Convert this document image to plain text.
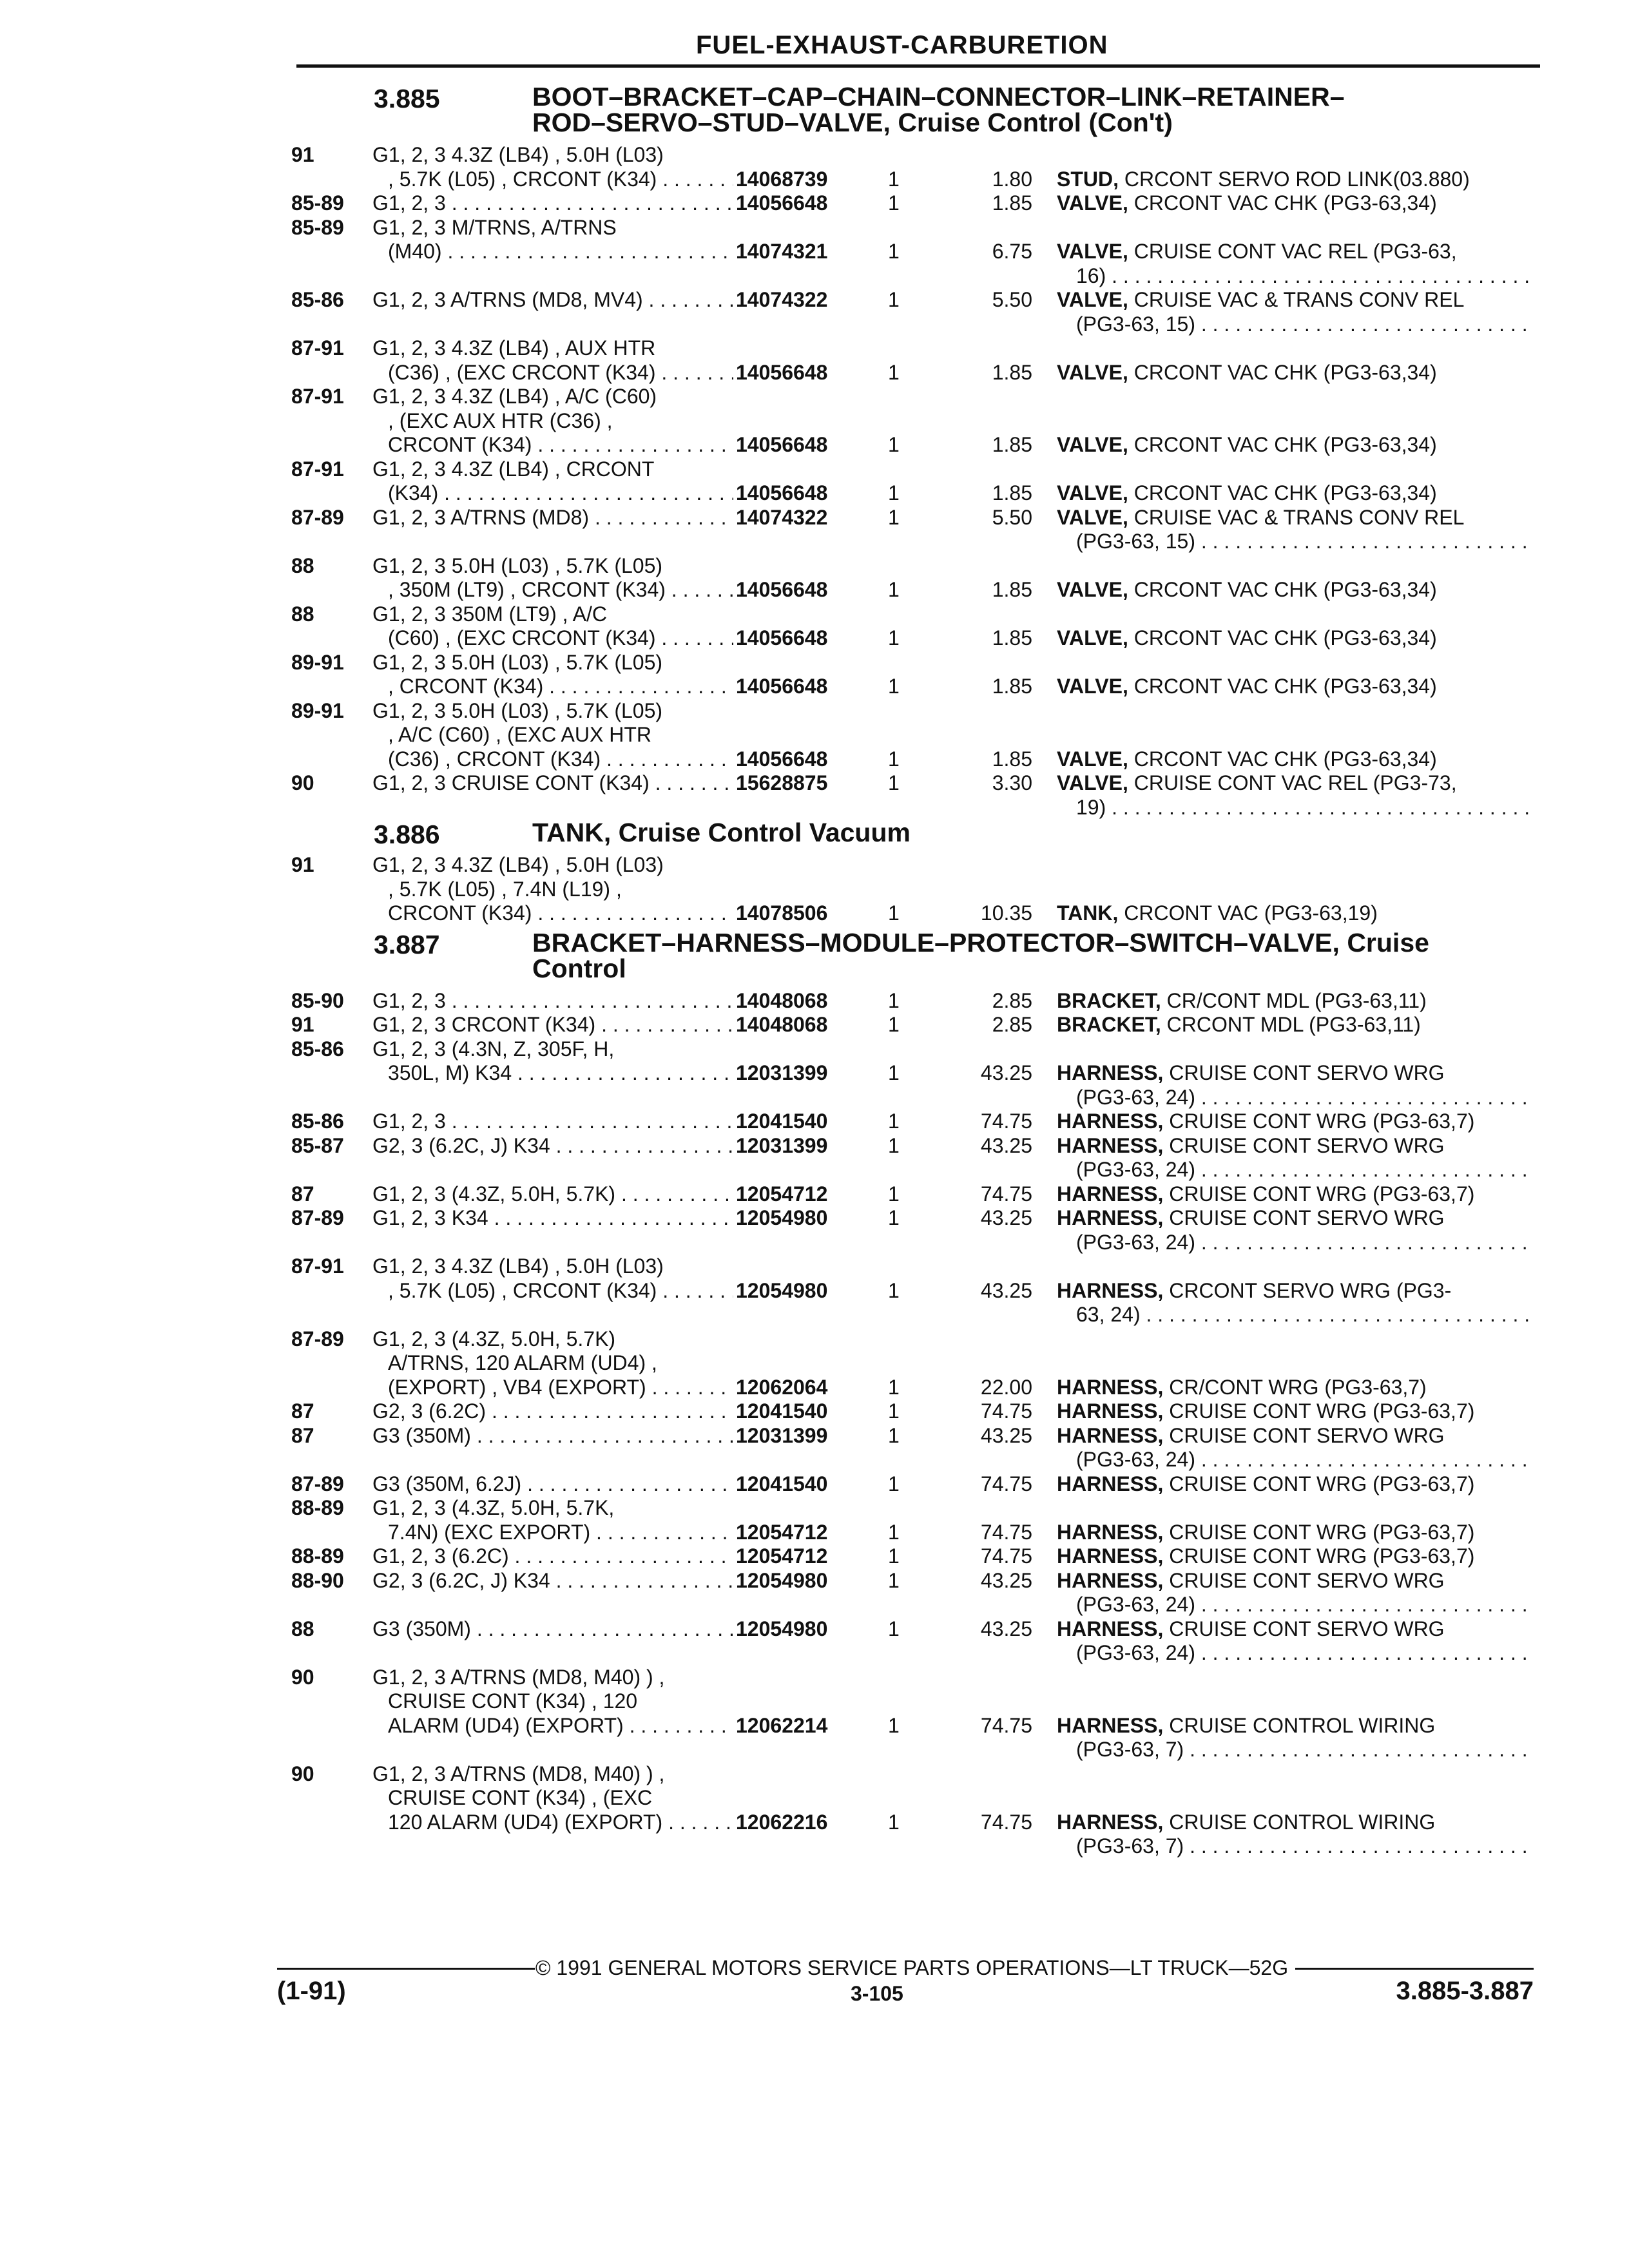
FUEL-EXHAUST-CARBURETION
3.885	BOOT–BRACKET–CAP–CHAIN–CONNECTOR–LINK–RETAINER–
ROD–SERVO–STUD–VALVE, Cruise Control (Con't)
91	G1, 2, 3 4.3Z (LB4) , 5.0H (L03)
, 5.7K (L05) , CRCONT (K34) . . .	14068739	1	1.80 STUD, CRCONT SERVO ROD LINK(03.880)
85-89 G1, 2, 3 . . .	14056648	1	1.85 VALVE, CRCONT VAC CHK (PG3-63,34)
85-89 G1, 2, 3 M/TRNS, A/TRNS
(M40) . . .	14074321	1	6.75 VALVE, CRUISE CONT VAC REL (PG3-63,
16) . . .
85-86 G1, 2, 3 A/TRNS (MD8, MV4) . . .	14074322	1	5.50 VALVE, CRUISE VAC & TRANS CONV REL
(PG3-63, 15) . . .
87-91 G1, 2, 3 4.3Z (LB4) , AUX HTR
(C36) , (EXC CRCONT (K34) . . .	14056648	1	1.85 VALVE, CRCONT VAC CHK (PG3-63,34)
87-91 G1, 2, 3 4.3Z (LB4) , A/C (C60)
, (EXC AUX HTR (C36) ,
CRCONT (K34) . . .	14056648	1	1.85 VALVE, CRCONT VAC CHK (PG3-63,34)
87-91 G1, 2, 3 4.3Z (LB4) , CRCONT
(K34) . . .	14056648	1	1.85 VALVE, CRCONT VAC CHK (PG3-63,34)
87-89 G1, 2, 3 A/TRNS (MD8) . . .	14074322	1	5.50 VALVE, CRUISE VAC & TRANS CONV REL
(PG3-63, 15) . . .
88	G1, 2, 3 5.0H (L03) , 5.7K (L05)
, 350M (LT9) , CRCONT (K34) . . .	14056648	1	1.85 VALVE, CRCONT VAC CHK (PG3-63,34)
88	G1, 2, 3 350M (LT9) , A/C
(C60) , (EXC CRCONT (K34) . . .	14056648	1	1.85 VALVE, CRCONT VAC CHK (PG3-63,34)
89-91 G1, 2, 3 5.0H (L03) , 5.7K (L05)
, CRCONT (K34) . . .	14056648	1	1.85 VALVE, CRCONT VAC CHK (PG3-63,34)
89-91 G1, 2, 3 5.0H (L03) , 5.7K (L05)
, A/C (C60) , (EXC AUX HTR
(C36) , CRCONT (K34) . . .	14056648	1	1.85 VALVE, CRCONT VAC CHK (PG3-63,34)
90	G1, 2, 3 CRUISE CONT (K34) . . .	15628875	1	3.30 VALVE, CRUISE CONT VAC REL (PG3-73,
19) . . .
3.886	TANK, Cruise Control Vacuum
91	G1, 2, 3 4.3Z (LB4) , 5.0H (L03)
, 5.7K (L05) , 7.4N (L19) ,
CRCONT (K34) . . .	14078506	1	10.35 TANK, CRCONT VAC (PG3-63,19)
3.887	BRACKET–HARNESS–MODULE–PROTECTOR–SWITCH–VALVE, Cruise
Control
85-90 G1, 2, 3 . . .	14048068	1	2.85 BRACKET, CR/CONT MDL (PG3-63,11)
91	G1, 2, 3 CRCONT (K34) . . .	14048068	1	2.85 BRACKET, CRCONT MDL (PG3-63,11)
85-86 G1, 2, 3 (4.3N, Z, 305F, H,
350L, M) K34 . . .	12031399	1	43.25 HARNESS, CRUISE CONT SERVO WRG
(PG3-63, 24) . . .
85-86 G1, 2, 3 . . .	12041540	1	74.75 HARNESS, CRUISE CONT WRG (PG3-63,7)
85-87 G2, 3 (6.2C, J) K34 . . .	12031399	1	43.25 HARNESS, CRUISE CONT SERVO WRG
(PG3-63, 24) . . .
87	G1, 2, 3 (4.3Z, 5.0H, 5.7K) . . .	12054712	1	74.75 HARNESS, CRUISE CONT WRG (PG3-63,7)
87-89 G1, 2, 3 K34 . . .	12054980	1	43.25 HARNESS, CRUISE CONT SERVO WRG
(PG3-63, 24) . . .
87-91 G1, 2, 3 4.3Z (LB4) , 5.0H (L03)
, 5.7K (L05) , CRCONT (K34) . . .	12054980	1	43.25 HARNESS, CRCONT SERVO WRG (PG3-
63, 24) . . .
87-89 G1, 2, 3 (4.3Z, 5.0H, 5.7K)
A/TRNS, 120 ALARM (UD4) ,
(EXPORT) , VB4 (EXPORT) . . .	12062064	1	22.00 HARNESS, CR/CONT WRG (PG3-63,7)
87	G2, 3 (6.2C) . . .	12041540	1	74.75 HARNESS, CRUISE CONT WRG (PG3-63,7)
87	G3 (350M) . . .	12031399	1	43.25 HARNESS, CRUISE CONT SERVO WRG
(PG3-63, 24) . . .
87-89 G3 (350M, 6.2J) . . .	12041540	1	74.75 HARNESS, CRUISE CONT WRG (PG3-63,7)
88-89 G1, 2, 3 (4.3Z, 5.0H, 5.7K,
7.4N) (EXC EXPORT) . . .	12054712	1	74.75 HARNESS, CRUISE CONT WRG (PG3-63,7)
88-89 G1, 2, 3 (6.2C) . . .	12054712	1	74.75 HARNESS, CRUISE CONT WRG (PG3-63,7)
88-90 G2, 3 (6.2C, J) K34 . . .	12054980	1	43.25 HARNESS, CRUISE CONT SERVO WRG
(PG3-63, 24) . . .
88	G3 (350M) . . .	12054980	1	43.25 HARNESS, CRUISE CONT SERVO WRG
(PG3-63, 24) . . .
90	G1, 2, 3 A/TRNS (MD8, M40) ) ,
CRUISE CONT (K34) , 120
ALARM (UD4) (EXPORT) . . . .	12062214	1	74.75 HARNESS, CRUISE CONTROL WIRING
(PG3-63, 7) . . .
90	G1, 2, 3 A/TRNS (MD8, M40) ) ,
CRUISE CONT (K34) , (EXC
120 ALARM (UD4) (EXPORT) . . . .	12062216	1	74.75 HARNESS, CRUISE CONTROL WIRING
(PG3-63, 7) . . .
© 1991 GENERAL MOTORS SERVICE PARTS OPERATIONS—LT TRUCK—52G
(1-91)	3-105	3.885-3.887
